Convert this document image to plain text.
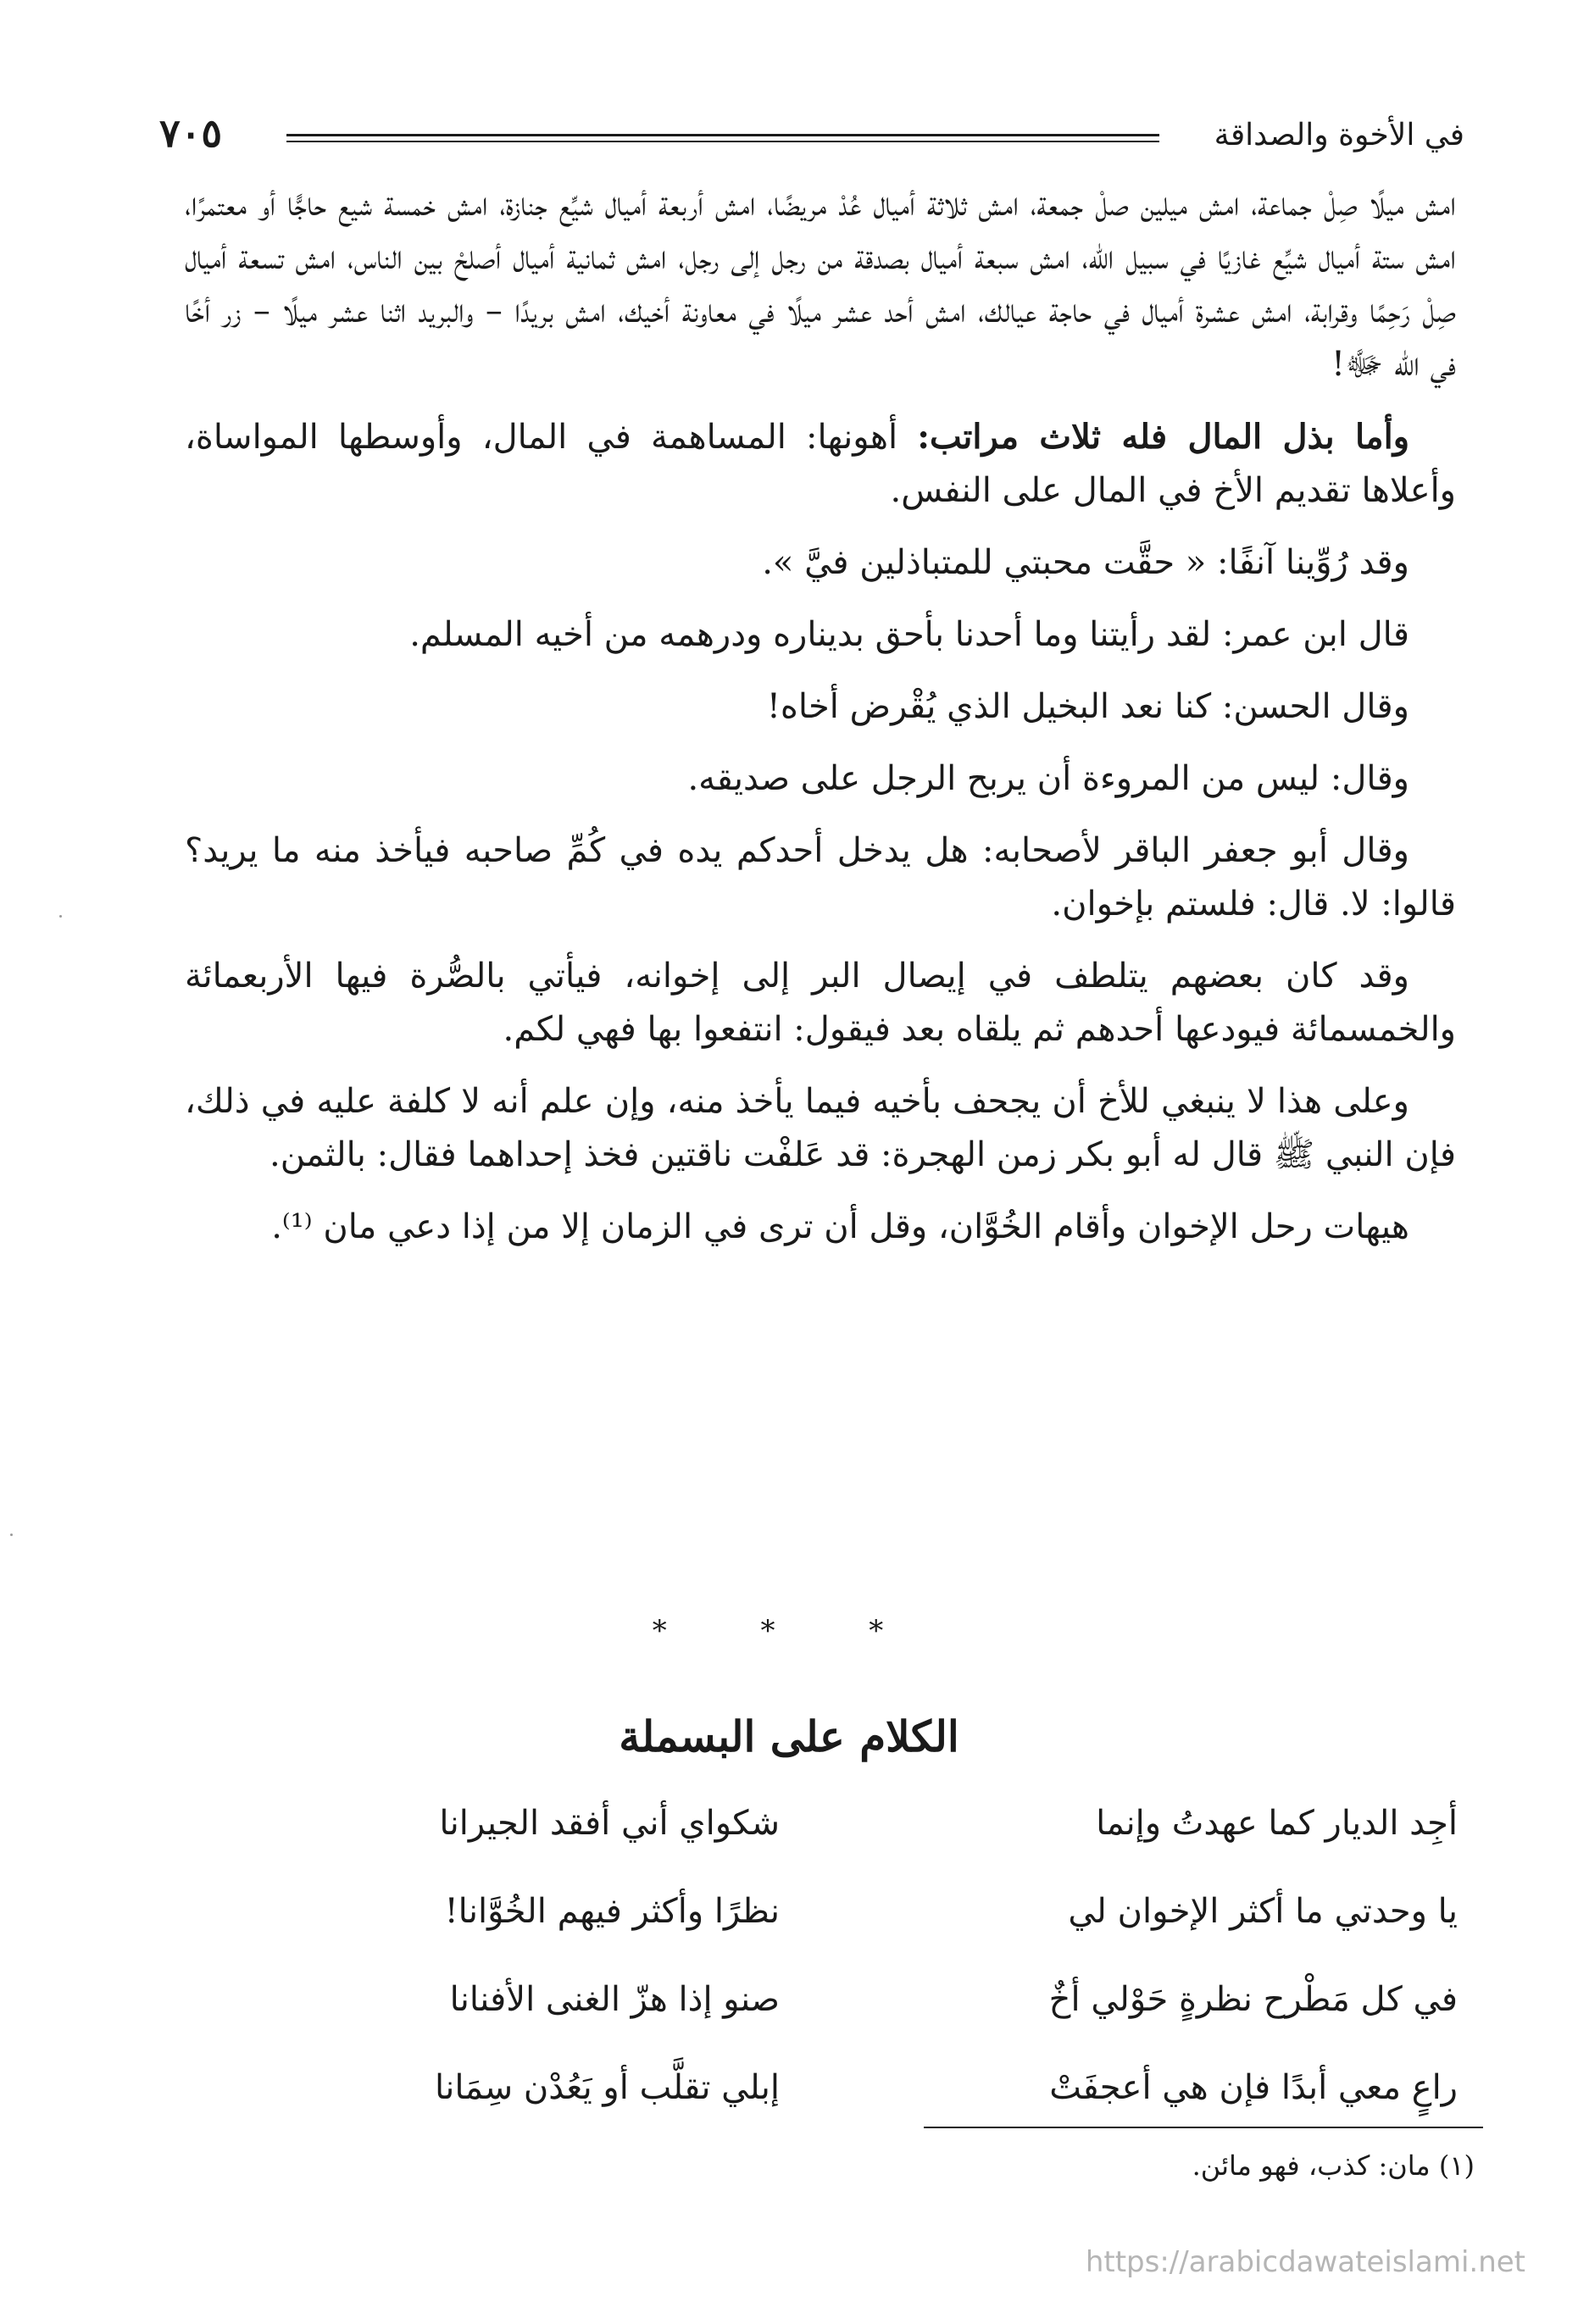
في الأخوة والصداقة
٧٠٥

امش ميلًا صِلْ جماعة، امش ميلين صلْ جمعة، امش ثلاثة أميال عُدْ مريضًا، امش أربعة أميال شيِّع جنازة، امش خمسة شيع حاجًّا أو معتمرًا، امش ستة أميال شيِّع غازيًا في سبيل اللّه، امش سبعة أميال بصدقة من رجل إلى رجل، امش ثمانية أميال أصلحْ بين الناس، امش تسعة أميال صِلْ رَحِمًا وقرابة، امش عشرة أميال في حاجة عيالك، امش أحد عشر ميلًا في معاونة أخيك، امش بريدًا – والبريد اثنا عشر ميلًا – زر أخًا في اللّه ﷻ!

وأما بذل المال فله ثلاث مراتب: أهونها: المساهمة في المال، وأوسطها المواساة، وأعلاها تقديم الأخ في المال على النفس.

وقد رُوِّينا آنفًا: « حقَّت محبتي للمتباذلين فيَّ ».

قال ابن عمر: لقد رأيتنا وما أحدنا بأحق بديناره ودرهمه من أخيه المسلم.

وقال الحسن: كنا نعد البخيل الذي يُقْرض أخاه!

وقال: ليس من المروءة أن يربح الرجل على صديقه.

وقال أبو جعفر الباقر لأصحابه: هل يدخل أحدكم يده في كُمِّ صاحبه فيأخذ منه ما يريد؟ قالوا: لا. قال: فلستم بإخوان.

وقد كان بعضهم يتلطف في إيصال البر إلى إخوانه، فيأتي بالصُّرة فيها الأربعمائة والخمسمائة فيودعها أحدهم ثم يلقاه بعد فيقول: انتفعوا بها فهي لكم.

وعلى هذا لا ينبغي للأخ أن يجحف بأخيه فيما يأخذ منه، وإن علم أنه لا كلفة عليه في ذلك، فإن النبي ﷺ قال له أبو بكر زمن الهجرة: قد عَلفْت ناقتين فخذ إحداهما فقال: بالثمن.

هيهات رحل الإخوان وأقام الخُوَّان، وقل أن ترى في الزمان إلا من إذا دعي مان ⁽¹⁾.

* * *
الكلام على البسملة
أجِد الديار كما عهدتُ وإنما
شكواي أني أفقد الجيرانا
يا وحدتي ما أكثر الإخوان لي
نظرًا وأكثر فيهم الخُوَّانا!
في كل مَطْرح نظرةٍ حَوْلي أخٌ
صنو إذا هزّ الغنى الأفنانا
راعٍ معي أبدًا فإن هي أعجفَتْ
إبلي تقلَّب أو يَعُدْن سِمَانا
(١) مان: كذب، فهو مائن.
https://arabicdawateislami.net
